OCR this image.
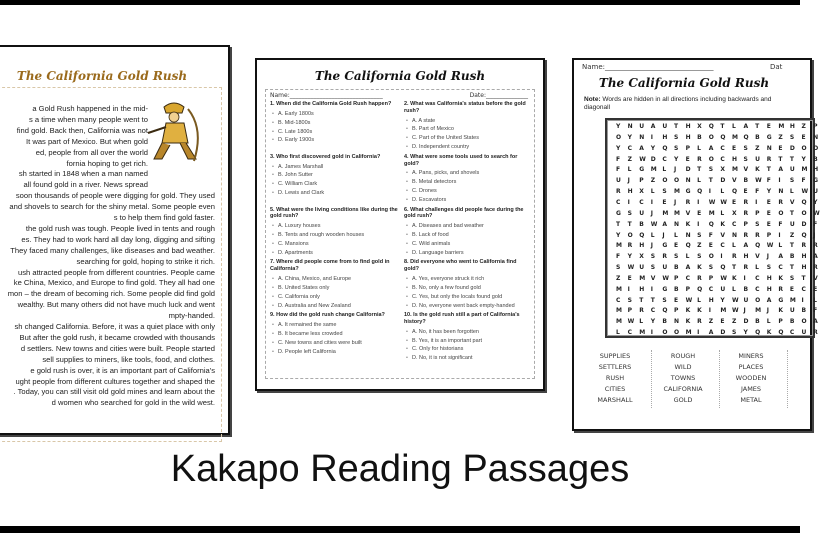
The California Gold Rush
a Gold Rush happened in the mid-
s a time when many people went to
find gold. Back then, California was not
It was part of Mexico. But when gold
ed, people from all over the world
fornia hoping to get rich.
sh started in 1848 when a man named
all found gold in a river. News spread
soon thousands of people were digging for gold. They used
and shovels to search for the shiny metal. Some people even
s to help them find gold faster.
the gold rush was tough. People lived in tents and rough
es. They had to work hard all day long, digging and sifting
They faced many challenges, like diseases and bad weather.
searching for gold, hoping to strike it rich.
ush attracted people from different countries. People came
ke China, Mexico, and Europe to find gold. They all had one
mon – the dream of becoming rich. Some people did find gold
wealthy. But many others did not have much luck and went
mpty-handed.
sh changed California. Before, it was a quiet place with only
But after the gold rush, it became crowded with thousands
d settlers. New towns and cities were built. People started
sell supplies to miners, like tools, food, and clothes.
e gold rush is over, it is an important part of California's
ught people from different cultures together and shaped the
. Today, you can still visit old gold mines and learn about the
d women who searched for gold in the wild west.
The California Gold Rush
Name:_______________________________	Date:______________
1. When did the California Gold Rush happen?
• A. Early 1800s
• B. Mid-1800s
• C. Late 1800s
• D. Early 1900s
2. What was California's status before the gold rush?
• A. A state
• B. Part of Mexico
• C. Part of the United States
• D. Independent country
3. Who first discovered gold in California?
• A. James Marshall
• B. John Sutter
• C. William Clark
• D. Lewis and Clark
4. What were some tools used to search for gold?
• A. Pans, picks, and shovels
• B. Metal detectors
• C. Drones
• D. Excavators
5. What were the living conditions like during the gold rush?
• A. Luxury houses
• B. Tents and rough wooden houses
• C. Mansions
• D. Apartments
6. What challenges did people face during the gold rush?
• A. Diseases and bad weather
• B. Lack of food
• C. Wild animals
• D. Language barriers
7. Where did people come from to find gold in California?
• A. China, Mexico, and Europe
• B. United States only
• C. California only
• D. Australia and New Zealand
8. Did everyone who went to California find gold?
• A. Yes, everyone struck it rich
• B. No, only a few found gold
• C. Yes, but only the locals found gold
• D. No, everyone went back empty-handed
9. How did the gold rush change California?
• A. It remained the same
• B. It became less crowded
• C. New towns and cities were built
• D. People left California
10. Is the gold rush still a part of California's history?
• A. No, it has been forgotten
• B. Yes, it is an important part
• C. Only for historians
• D. No, it is not significant
Name:_______________________________	Dat
The California Gold Rush
Note: Words are hidden in all directions including backwards and diagonall
Y N U A U T H X Q T L A T E M H Z P
O Y N I H S H B O Q M Q B G Z S E N
Y C A Y Q S P L A C E S Z N E D O O
F Z W D C Y E R O C H S U R T T Y B
F L G M L J D T S X M V K T A U M H
U J P Z O O N L T D V B W F I S F G
R H X L S M G Q I L Q E F Y N L W U
C I C I E J R I W W E R I E R V Q Y
G S U J M M V E M L X R P E O T O W
T T B W A N K I Q K C P S E F U D F
Y O Q L J L N S F V N R R P I Z Q J
M R H J G E Q Z E C L A Q W L T R R
F Y X S R S L S O I R H V J A B H A
S W U S U B A K S Q T R L S C T H R
Z E M V W P C R P W K I C H K S T V
M I H I G B P Q C U L B C H R E C E
C S T T S E W L H Y W U O A G M I L
M P R C Q P K K I M W J M J K U B F
M W L Y B N K R Z E Z D B L P B O A
L C M I O O M I A D S Y Q K Q C U R
SUPPLIES
SETTLERS
RUSH
CITIES
MARSHALL
ROUGH
WILD
TOWNS
CALIFORNIA
GOLD
MINERS
PLACES
WOODEN
JAMES
METAL
Kakapo Reading Passages
